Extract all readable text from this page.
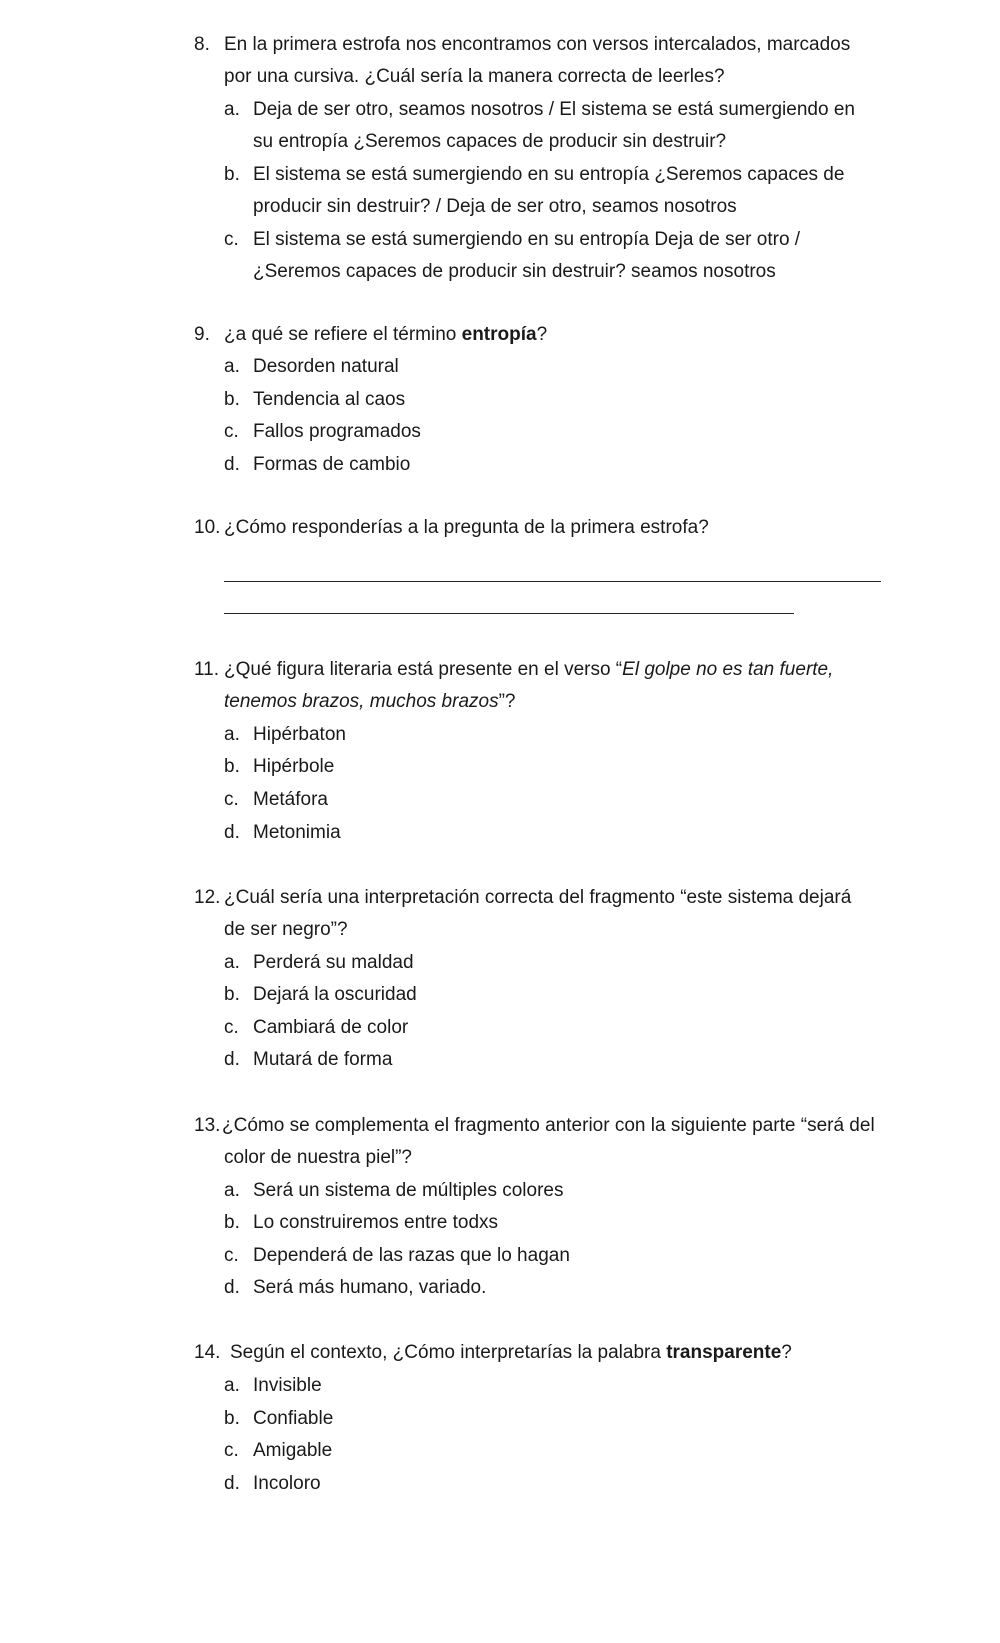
8. En la primera estrofa nos encontramos con versos intercalados, marcados
por una cursiva. ¿Cuál sería la manera correcta de leerles?
a. Deja de ser otro, seamos nosotros / El sistema se está sumergiendo en
su entropía ¿Seremos capaces de producir sin destruir?
b. El sistema se está sumergiendo en su entropía ¿Seremos capaces de
producir sin destruir? / Deja de ser otro, seamos nosotros
c. El sistema se está sumergiendo en su entropía Deja de ser otro /
¿Seremos capaces de producir sin destruir? seamos nosotros
9. ¿a qué se refiere el término entropía?
a. Desorden natural
b. Tendencia al caos
c. Fallos programados
d. Formas de cambio
10. ¿Cómo responderías a la pregunta de la primera estrofa?
11. ¿Qué figura literaria está presente en el verso “El golpe no es tan fuerte,
tenemos brazos, muchos brazos”?
a. Hipérbaton
b. Hipérbole
c. Metáfora
d. Metonimia
12. ¿Cuál sería una interpretación correcta del fragmento “este sistema dejará
de ser negro”?
a. Perderá su maldad
b. Dejará la oscuridad
c. Cambiará de color
d. Mutará de forma
13. ¿Cómo se complementa el fragmento anterior con la siguiente parte “será del
color de nuestra piel”?
a. Será un sistema de múltiples colores
b. Lo construiremos entre todxs
c. Dependerá de las razas que lo hagan
d. Será más humano, variado.
14. Según el contexto, ¿Cómo interpretarías la palabra transparente?
a. Invisible
b. Confiable
c. Amigable
d. Incoloro
